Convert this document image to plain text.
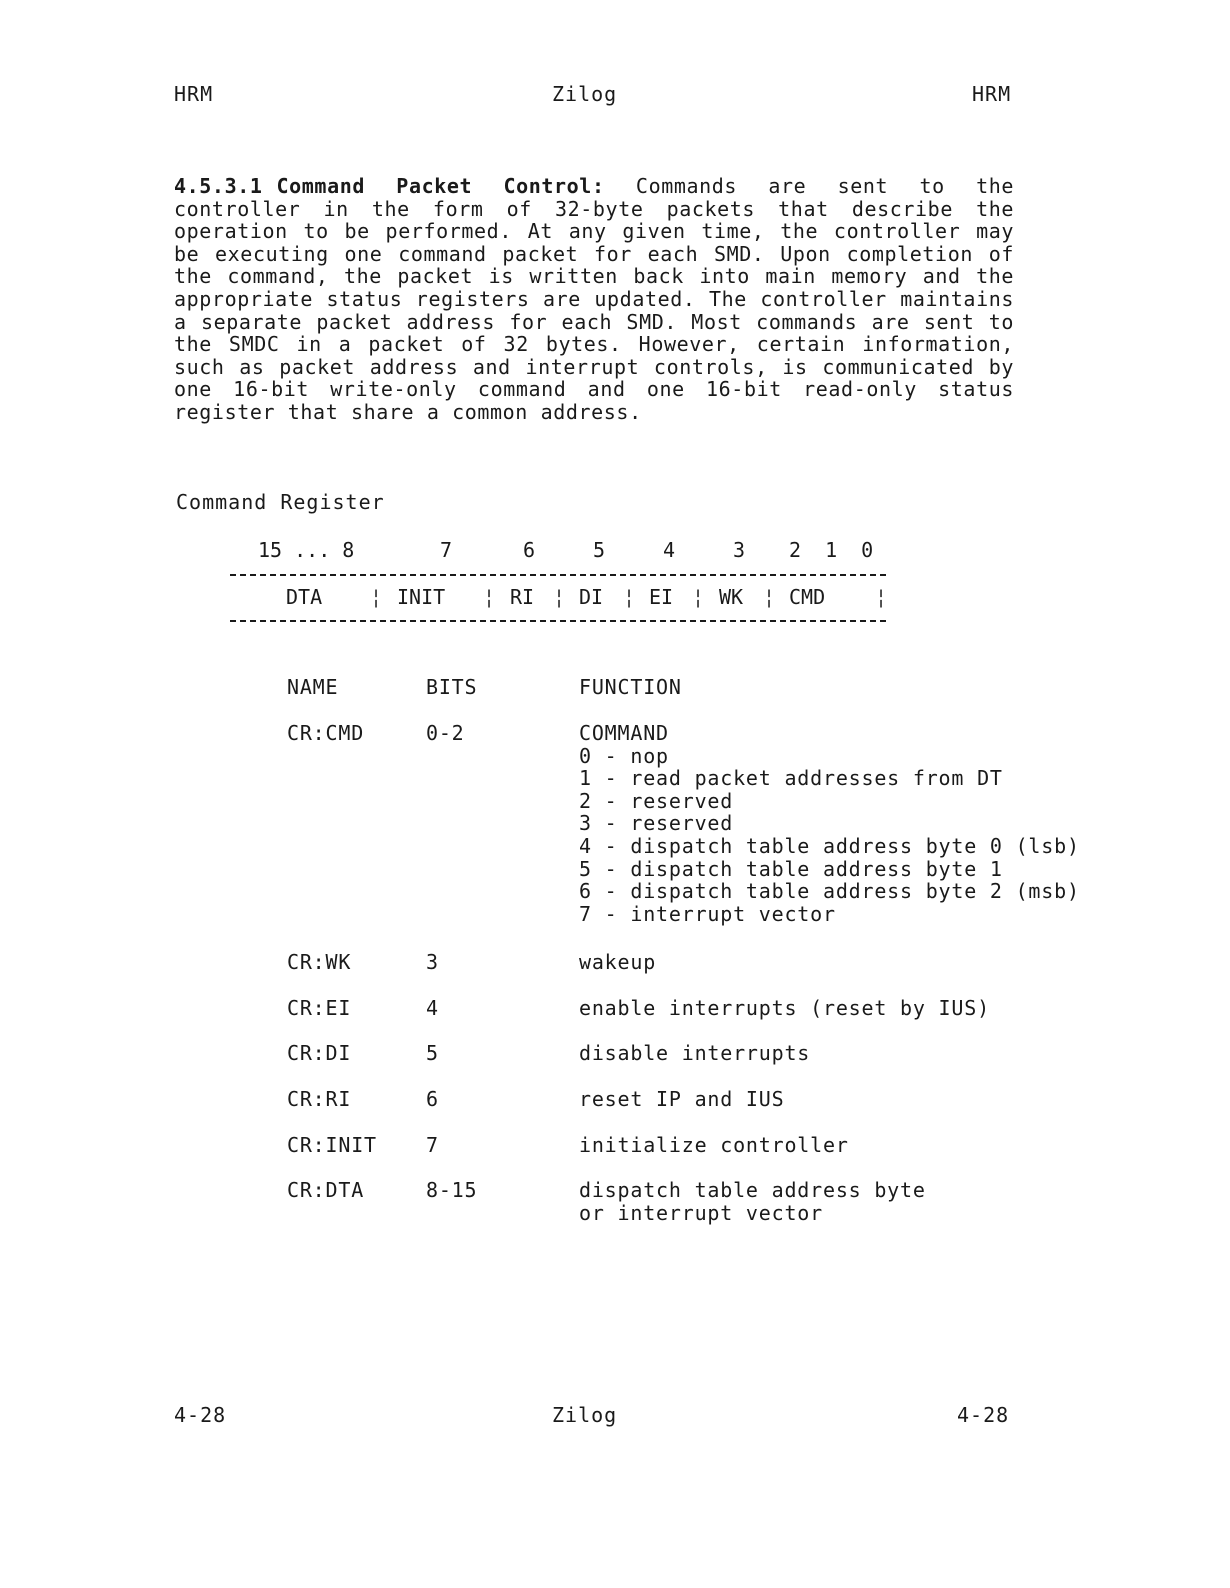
HRM	Zilog	HRM
4.5.3.1 Command Packet Control: Commands are sent to the controller in the form of 32-byte packets that describe the operation to be performed. At any given time, the controller may be executing one command packet for each SMD. Upon completion of the command, the packet is written back into main memory and the appropriate status registers are updated. The controller maintains a separate packet address for each SMD. Most commands are sent to the SMDC in a packet of 32 bytes. However, certain information, such as packet address and interrupt controls, is communicated by one 16-bit write-only command and one 16-bit read-only status register that share a common address.
Command Register
15 ... 8	7	6	5	4	3 2 1 0
DTA ¦ INIT ¦ RI ¦ DI ¦ EI ¦ WK ¦ CMD ¦
NAME	BITS	FUNCTION
CR:CMD	0-2	COMMAND
0 - nop
1 - read packet addresses from DT
2 - reserved
3 - reserved
4 - dispatch table address byte 0 (lsb)
5 - dispatch table address byte 1
6 - dispatch table address byte 2 (msb)
7 - interrupt vector
CR:WK	3	wakeup
CR:EI	4	enable interrupts (reset by IUS)
CR:DI	5	disable interrupts
CR:RI	6	reset IP and IUS
CR:INIT 7	initialize controller
CR:DTA	8-15	dispatch table address byte
or interrupt vector
4-28	Zilog	4-28
